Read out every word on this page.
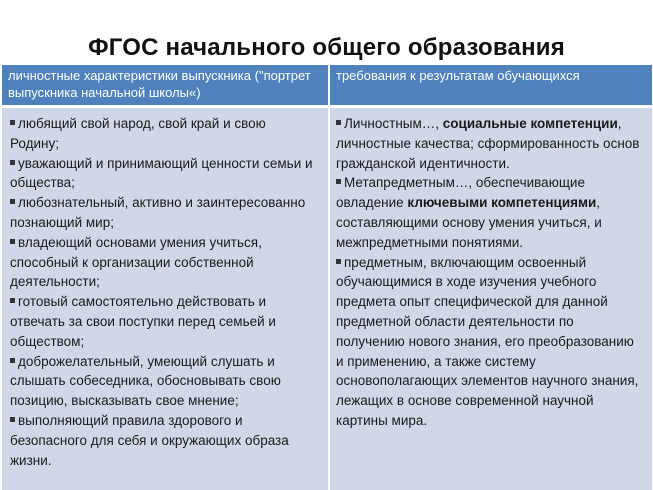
ФГОС начального общего образования
личностные характеристики выпускника ("портрет выпускника начальной школы«)
требования к результатам обучающихся
любящий свой народ, свой край и свою Родину;
уважающий и принимающий ценности семьи и общества;
любознательный, активно и заинтересованно познающий мир;
владеющий основами умения учиться, способный к организации собственной деятельности;
готовый самостоятельно действовать и отвечать за свои поступки перед семьей и обществом;
доброжелательный, умеющий слушать и слышать собеседника, обосновывать свою позицию, высказывать свое мнение;
выполняющий правила здорового и безопасного для себя и окружающих образа жизни.
Личностным…, социальные компетенции, личностные качества; сформированность основ гражданской идентичности.
Метапредметным…, обеспечивающие овладение ключевыми компетенциями, составляющими основу умения учиться, и межпредметными понятиями.
предметным, включающим освоенный обучающимися в ходе изучения учебного предмета опыт специфической для данной предметной области деятельности по получению нового знания, его преобразованию и применению, а также систему основополагающих элементов научного знания, лежащих в основе современной научной картины мира.
